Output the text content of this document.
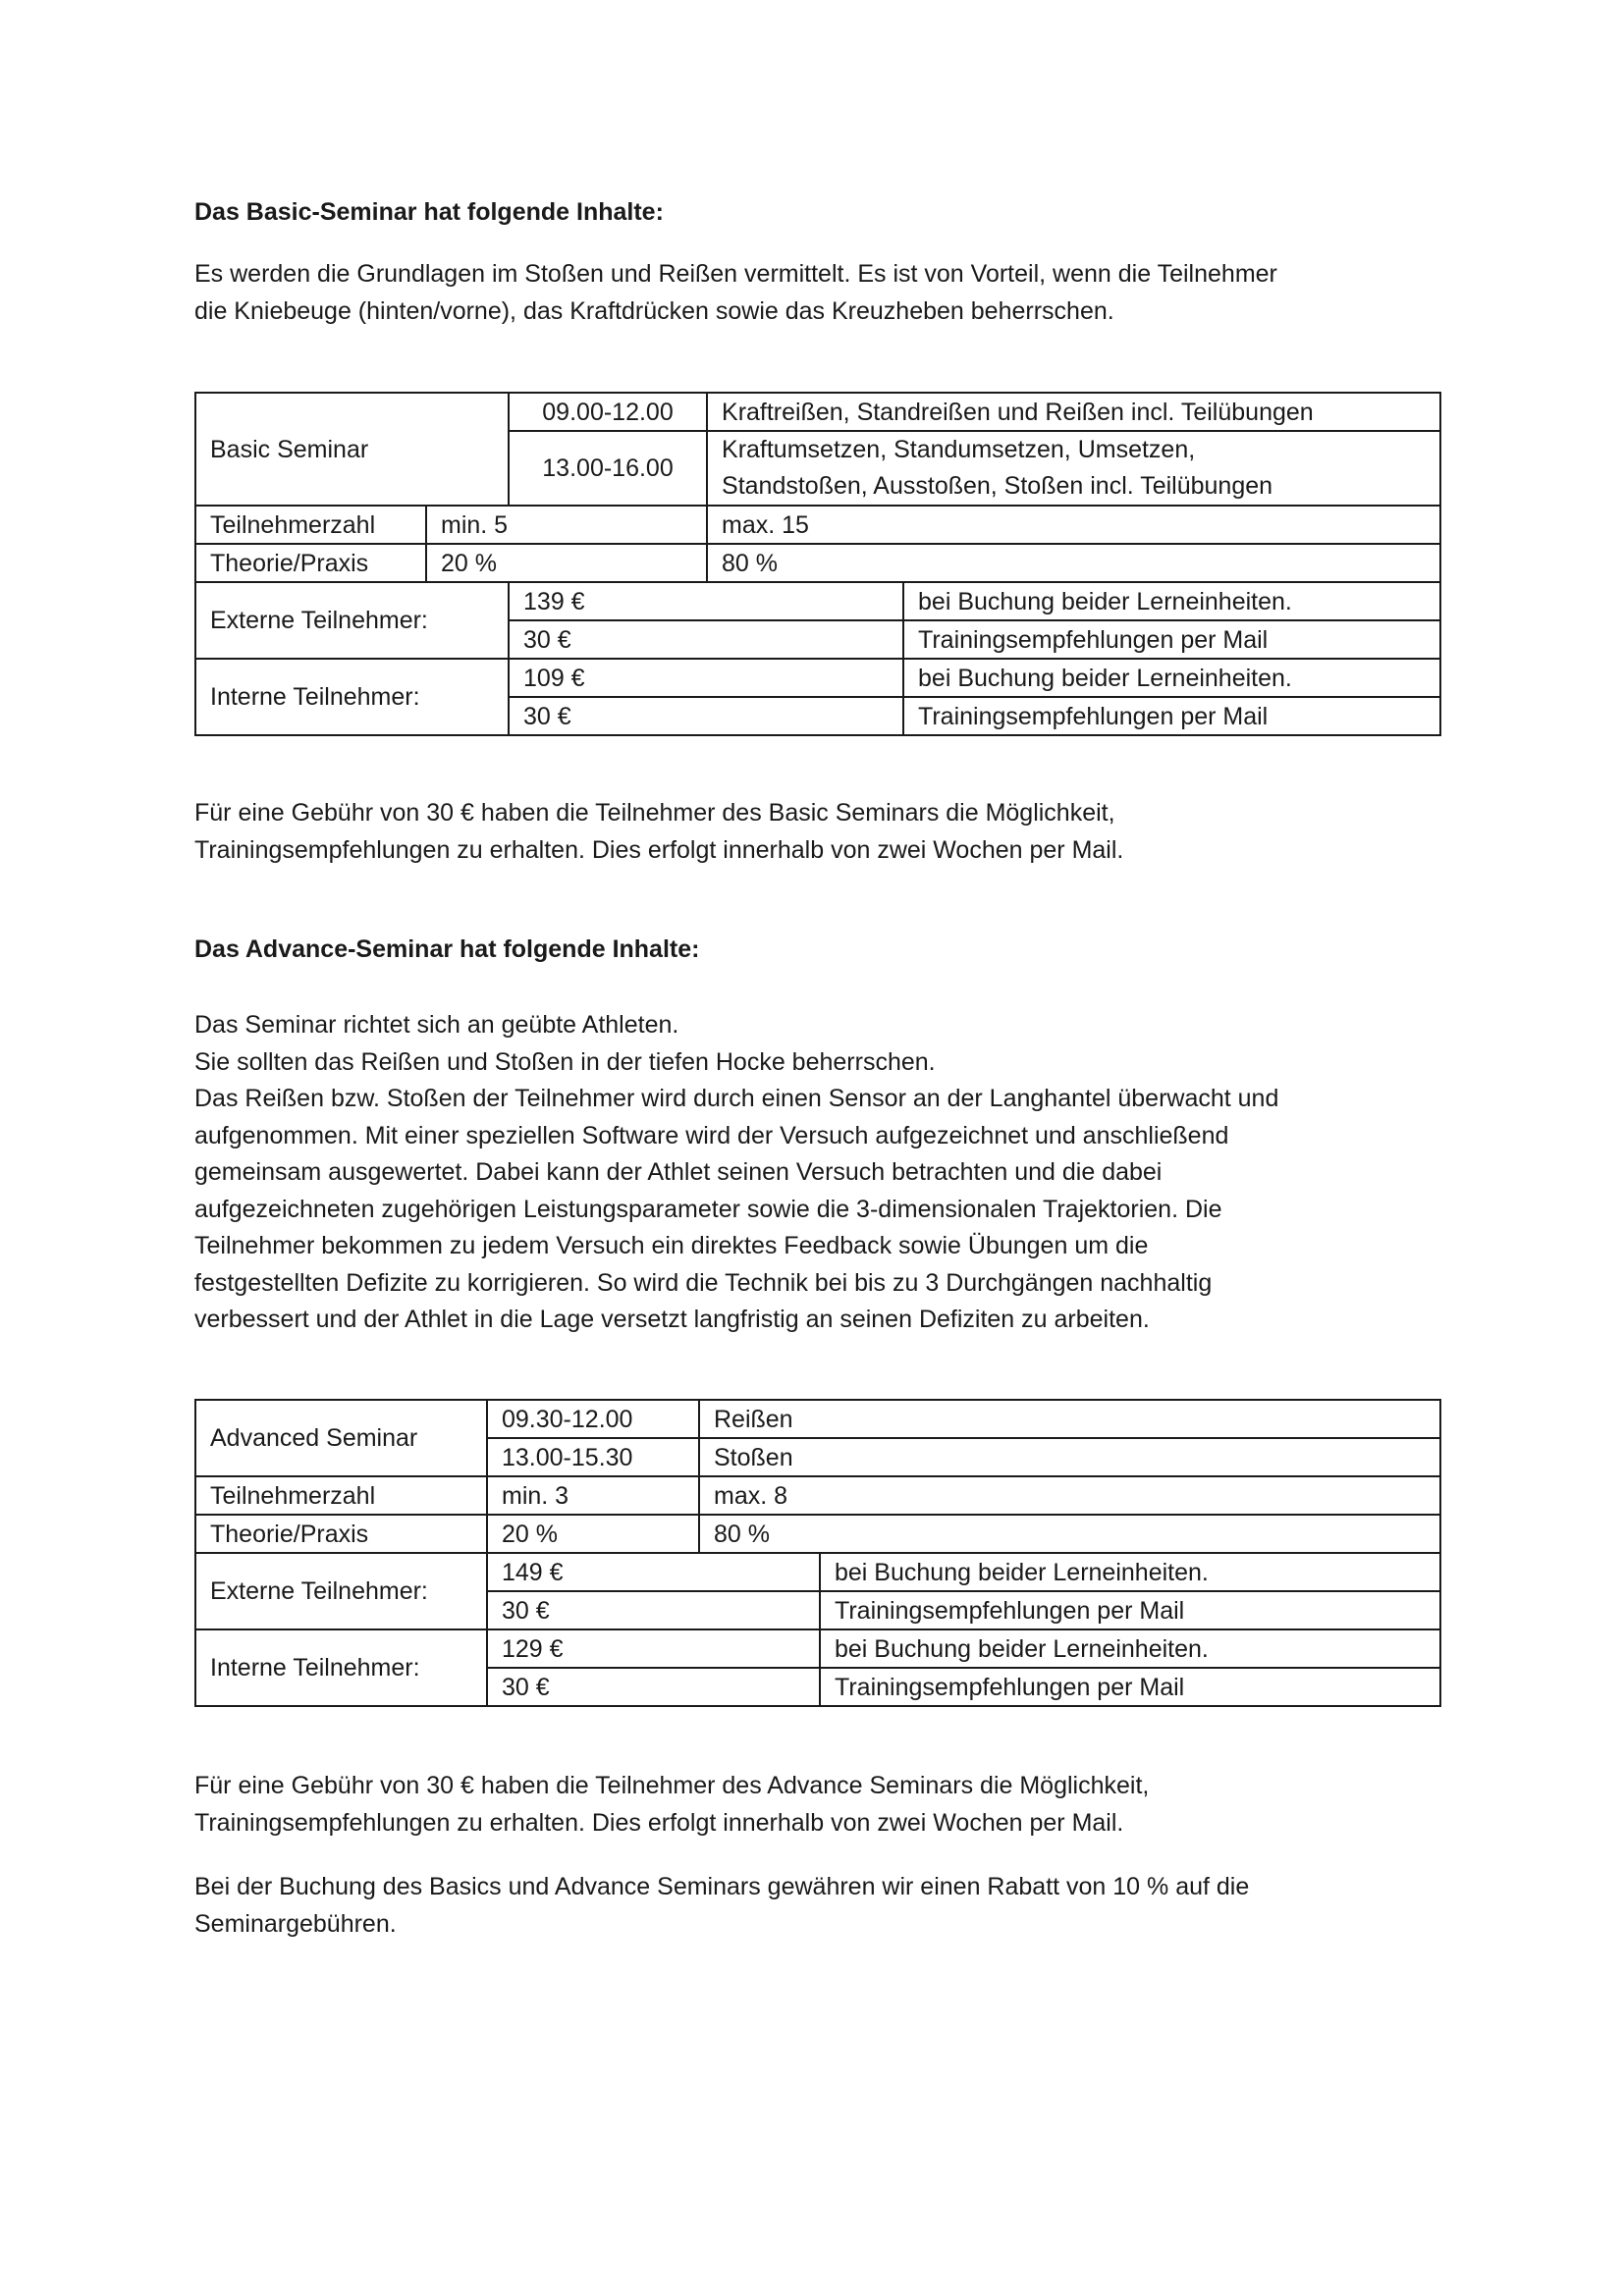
Das Basic-Seminar hat folgende Inhalte:

Es werden die Grundlagen im Stoßen und Reißen vermittelt. Es ist von Vorteil, wenn die Teilnehmer
die Kniebeuge (hinten/vorne), das Kraftdrücken sowie das Kreuzheben beherrschen.

Basic Seminar		09.00-12.00	Kraftreißen, Standreißen und Reißen incl. Teilübungen	
		13.00-16.00	Kraftumsetzen, Standumsetzen, Umsetzen,
Standstoßen, Ausstoßen, Stoßen incl. Teilübungen	

Teilnehmerzahl	min. 5		max. 15	
Theorie/Praxis	20 %		80 %	
Externe Teilnehmer:		139 €		bei Buchung beider Lerneinheiten.
		30 €		Trainingsempfehlungen per Mail
Interne Teilnehmer:		109 €		bei Buchung beider Lerneinheiten.
		30 €		Trainingsempfehlungen per Mail

Für eine Gebühr von 30 € haben die Teilnehmer des Basic Seminars die Möglichkeit,
Trainingsempfehlungen zu erhalten. Dies erfolgt innerhalb von zwei Wochen per Mail.

Das Advance-Seminar hat folgende Inhalte:

Das Seminar richtet sich an geübte Athleten.
Sie sollten das Reißen und Stoßen in der tiefen Hocke beherrschen.
Das Reißen bzw. Stoßen der Teilnehmer wird durch einen Sensor an der Langhantel überwacht und
aufgenommen. Mit einer speziellen Software wird der Versuch aufgezeichnet und anschließend
gemeinsam ausgewertet. Dabei kann der Athlet seinen Versuch betrachten und die dabei
aufgezeichneten zugehörigen Leistungsparameter sowie die 3-dimensionalen Trajektorien. Die
Teilnehmer bekommen zu jedem Versuch ein direktes Feedback sowie Übungen um die
festgestellten Defizite zu korrigieren. So wird die Technik bei bis zu 3 Durchgängen nachhaltig
verbessert und der Athlet in die Lage versetzt langfristig an seinen Defiziten zu arbeiten.

Advanced Seminar	09.30-12.00	Reißen	
	13.00-15.30	Stoßen	
Teilnehmerzahl	min. 3	max. 8	
Theorie/Praxis	20 %	80 %	
Externe Teilnehmer:	149 €		bei Buchung beider Lerneinheiten.
	30 €		Trainingsempfehlungen per Mail
Interne Teilnehmer:	129 €		bei Buchung beider Lerneinheiten.
	30 €		Trainingsempfehlungen per Mail

Für eine Gebühr von 30 € haben die Teilnehmer des Advance Seminars die Möglichkeit,
Trainingsempfehlungen zu erhalten. Dies erfolgt innerhalb von zwei Wochen per Mail.

Bei der Buchung des Basics und Advance Seminars gewähren wir einen Rabatt von 10 % auf die
Seminargebühren.
